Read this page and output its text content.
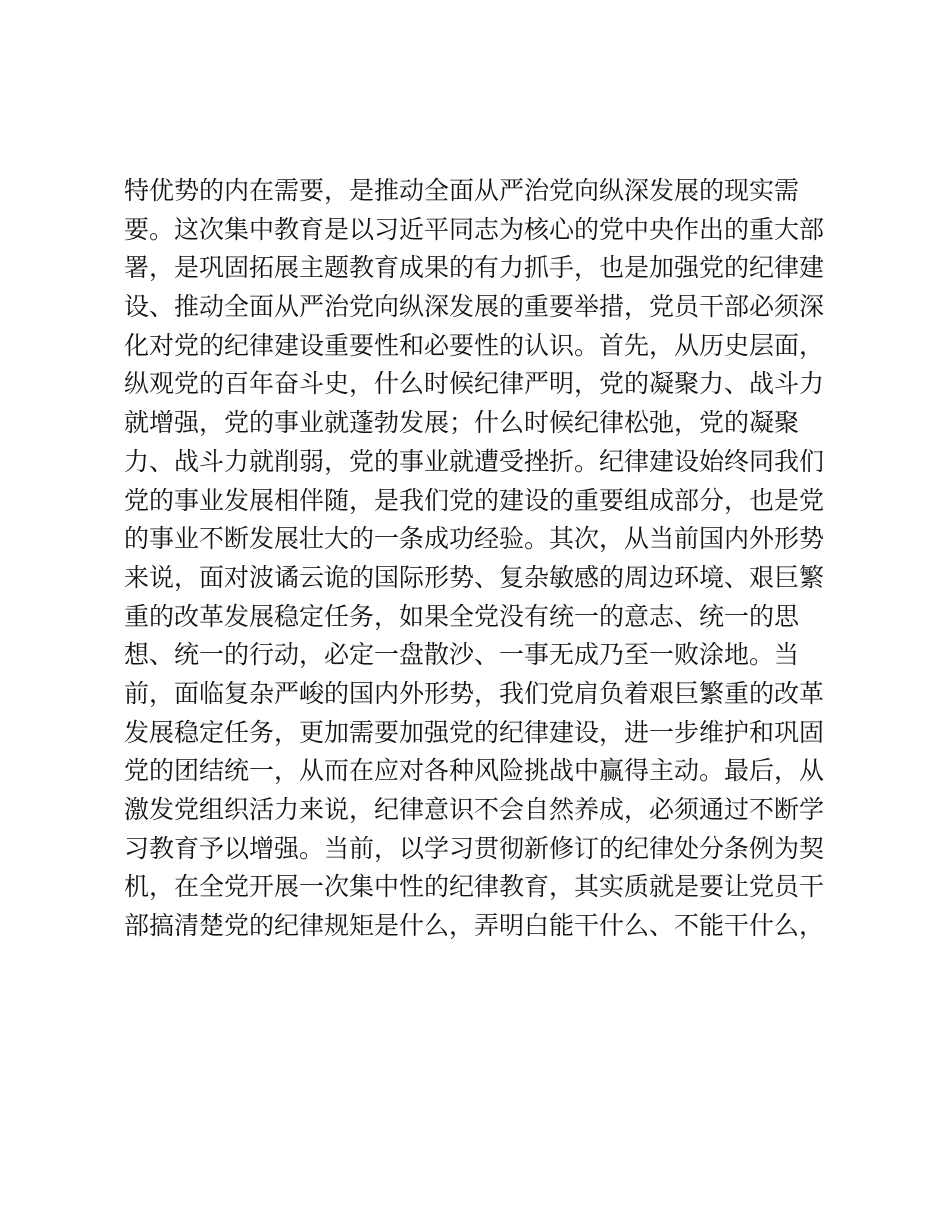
特优势的内在需要，是推动全面从严治党向纵深发展的现实需
要。这次集中教育是以习近平同志为核心的党中央作出的重大部
署，是巩固拓展主题教育成果的有力抓手，也是加强党的纪律建
设、推动全面从严治党向纵深发展的重要举措，党员干部必须深
化对党的纪律建设重要性和必要性的认识。首先，从历史层面，
纵观党的百年奋斗史，什么时候纪律严明，党的凝聚力、战斗力
就增强，党的事业就蓬勃发展；什么时候纪律松弛，党的凝聚
力、战斗力就削弱，党的事业就遭受挫折。纪律建设始终同我们
党的事业发展相伴随，是我们党的建设的重要组成部分，也是党
的事业不断发展壮大的一条成功经验。其次，从当前国内外形势
来说，面对波谲云诡的国际形势、复杂敏感的周边环境、艰巨繁
重的改革发展稳定任务，如果全党没有统一的意志、统一的思
想、统一的行动，必定一盘散沙、一事无成乃至一败涂地。当
前，面临复杂严峻的国内外形势，我们党肩负着艰巨繁重的改革
发展稳定任务，更加需要加强党的纪律建设，进一步维护和巩固
党的团结统一，从而在应对各种风险挑战中赢得主动。最后，从
激发党组织活力来说，纪律意识不会自然养成，必须通过不断学
习教育予以增强。当前，以学习贯彻新修订的纪律处分条例为契
机，在全党开展一次集中性的纪律教育，其实质就是要让党员干
部搞清楚党的纪律规矩是什么，弄明白能干什么、不能干什么，
